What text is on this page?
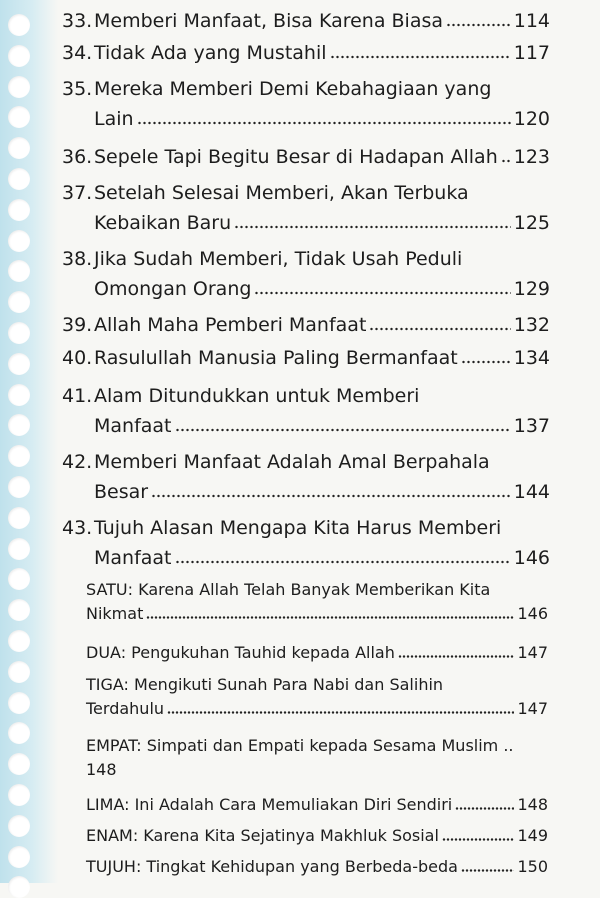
33. Memberi Manfaat, Bisa Karena Biasa	114
34. Tidak Ada yang Mustahil	117
35. Mereka Memberi Demi Kebahagiaan yang
Lain	120
36. Sepele Tapi Begitu Besar di Hadapan Allah 123
37. Setelah Selesai Memberi, Akan Terbuka
Kebaikan Baru	125
38. Jika Sudah Memberi, Tidak Usah Peduli
Omongan Orang	129
39. Allah Maha Pemberi Manfaat	132
40. Rasulullah Manusia Paling Bermanfaat	134
41. Alam Ditundukkan untuk Memberi
Manfaat	137
42. Memberi Manfaat Adalah Amal Berpahala
Besar	144
43. Tujuh Alasan Mengapa Kita Harus Memberi
Manfaat	146
SATU: Karena Allah Telah Banyak Memberikan Kita
Nikmat	146
DUA: Pengukuhan Tauhid kepada Allah	147
TIGA: Mengikuti Sunah Para Nabi dan Salihin
Terdahulu	147
EMPAT: Simpati dan Empati kepada Sesama Muslim ..
148
LIMA: Ini Adalah Cara Memuliakan Diri Sendiri	148
ENAM: Karena Kita Sejatinya Makhluk Sosial	149
TUJUH: Tingkat Kehidupan yang Berbeda-beda	150
